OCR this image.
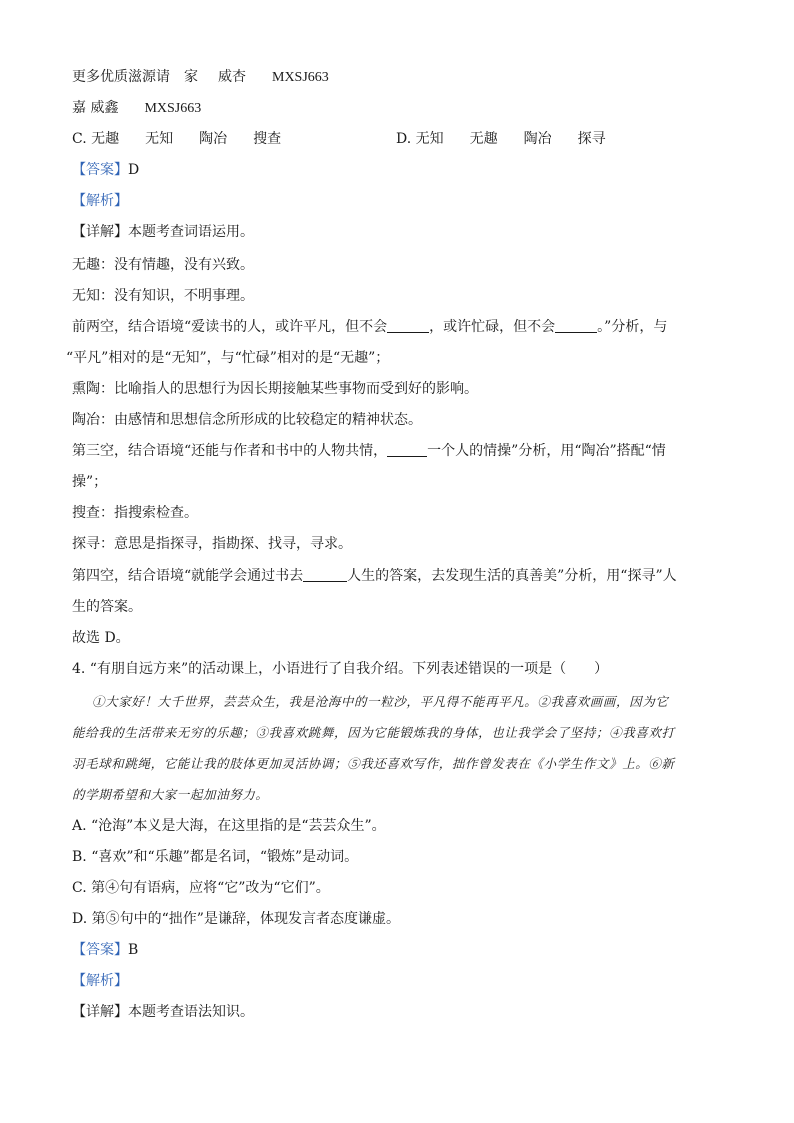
更多优质滋源请 家 威杏 MXSJ663
嘉 威鑫 MXSJ663
C. 无趣 无知 陶冶 搜查	D. 无知 无趣 陶冶 探寻
【答案】D
【解析】
【详解】本题考查词语运用。
无趣：没有情趣，没有兴致。
无知：没有知识，不明事理。
前两空，结合语境“爱读书的人，或许平凡，但不会	，或许忙碌，但不会	。”分析，与
“平凡”相对的是“无知”，与“忙碌”相对的是“无趣”；
熏陶：比喻指人的思想行为因长期接触某些事物而受到好的影响。
陶冶：由感情和思想信念所形成的比较稳定的精神状态。
第三空，结合语境“还能与作者和书中的人物共情，	一个人的情操”分析，用“陶冶”搭配“情
操”；
搜查：指搜索检查。
探寻：意思是指探寻，指勘探、找寻，寻求。
第四空，结合语境“就能学会通过书去	人生的答案，去发现生活的真善美”分析，用“探寻”人
生的答案。
故选 D。
4. “有朋自远方来”的活动课上，小语进行了自我介绍。下列表述错误的一项是（　　）
①大家好！大千世界，芸芸众生，我是沧海中的一粒沙，平凡得不能再平凡。②我喜欢画画，因为它
能给我的生活带来无穷的乐趣；③我喜欢跳舞，因为它能锻炼我的身体，也让我学会了坚持；④我喜欢打
羽毛球和跳绳，它能让我的肢体更加灵活协调；⑤我还喜欢写作，拙作曾发表在《小学生作文》上。⑥新
的学期希望和大家一起加油努力。
A. “沧海”本义是大海，在这里指的是“芸芸众生”。
B. “喜欢”和“乐趣”都是名词，“锻炼”是动词。
C. 第④句有语病，应将“它”改为“它们”。
D. 第⑤句中的“拙作”是谦辞，体现发言者态度谦虚。
【答案】B
【解析】
【详解】本题考查语法知识。
